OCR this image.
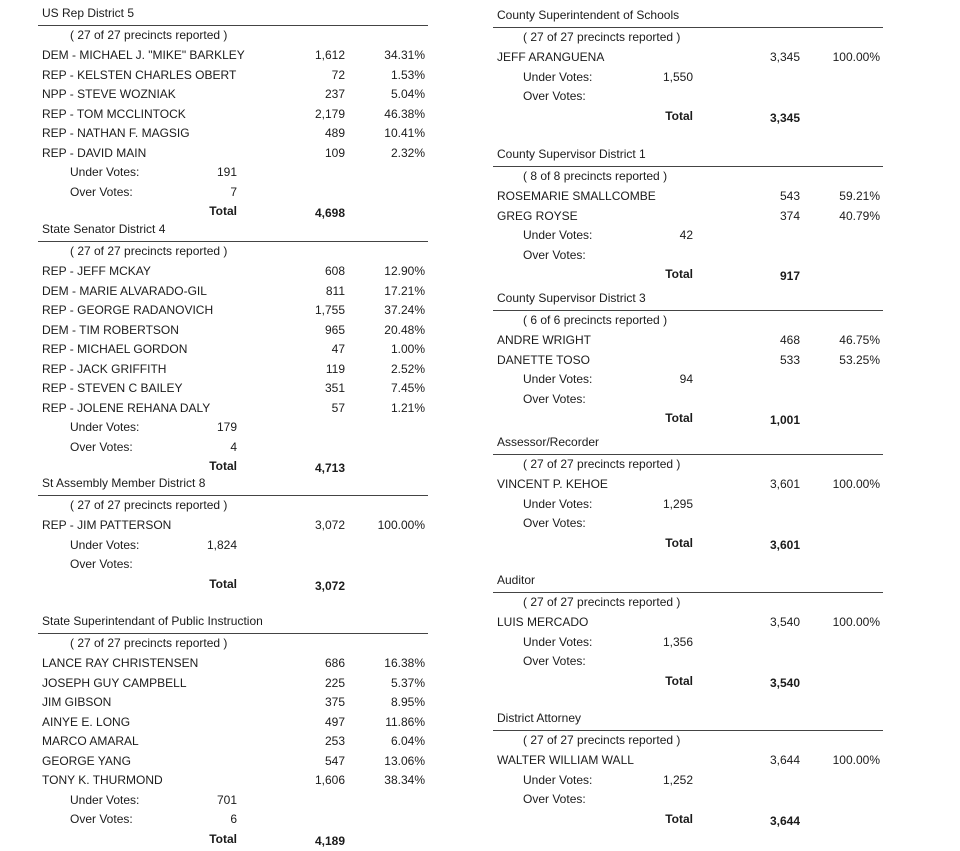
US Rep District 5
( 27 of 27 precincts reported )
DEM - MICHAEL J. "MIKE" BARKLEY	1,612	34.31%
REP - KELSTEN CHARLES OBERT	72	1.53%
NPP - STEVE WOZNIAK	237	5.04%
REP - TOM MCCLINTOCK	2,179	46.38%
REP - NATHAN F. MAGSIG	489	10.41%
REP - DAVID MAIN	109	2.32%
Under Votes:	191
Over Votes:	7
Total	4,698
State Senator District 4
( 27 of 27 precincts reported )
REP - JEFF MCKAY	608	12.90%
DEM - MARIE ALVARADO-GIL	811	17.21%
REP - GEORGE RADANOVICH	1,755	37.24%
DEM - TIM ROBERTSON	965	20.48%
REP - MICHAEL GORDON	47	1.00%
REP - JACK GRIFFITH	119	2.52%
REP - STEVEN C BAILEY	351	7.45%
REP - JOLENE REHANA DALY	57	1.21%
Under Votes:	179
Over Votes:	4
Total	4,713
St Assembly Member District 8
( 27 of 27 precincts reported )
REP - JIM PATTERSON	3,072	100.00%
Under Votes:	1,824
Over Votes:
Total	3,072
State Superintendant of Public Instruction
( 27 of 27 precincts reported )
LANCE RAY CHRISTENSEN	686	16.38%
JOSEPH GUY CAMPBELL	225	5.37%
JIM GIBSON	375	8.95%
AINYE E. LONG	497	11.86%
MARCO AMARAL	253	6.04%
GEORGE YANG	547	13.06%
TONY K. THURMOND	1,606	38.34%
Under Votes:	701
Over Votes:	6
Total	4,189
County Superintendent of Schools
( 27 of 27 precincts reported )
JEFF ARANGUENA	3,345	100.00%
Under Votes:	1,550
Over Votes:
Total	3,345
County Supervisor District 1
( 8 of 8 precincts reported )
ROSEMARIE SMALLCOMBE	543	59.21%
GREG ROYSE	374	40.79%
Under Votes:	42
Over Votes:
Total	917
County Supervisor District 3
( 6 of 6 precincts reported )
ANDRE WRIGHT	468	46.75%
DANETTE TOSO	533	53.25%
Under Votes:	94
Over Votes:
Total	1,001
Assessor/Recorder
( 27 of 27 precincts reported )
VINCENT P. KEHOE	3,601	100.00%
Under Votes:	1,295
Over Votes:
Total	3,601
Auditor
( 27 of 27 precincts reported )
LUIS MERCADO	3,540	100.00%
Under Votes:	1,356
Over Votes:
Total	3,540
District Attorney
( 27 of 27 precincts reported )
WALTER WILLIAM WALL	3,644	100.00%
Under Votes:	1,252
Over Votes:
Total	3,644
